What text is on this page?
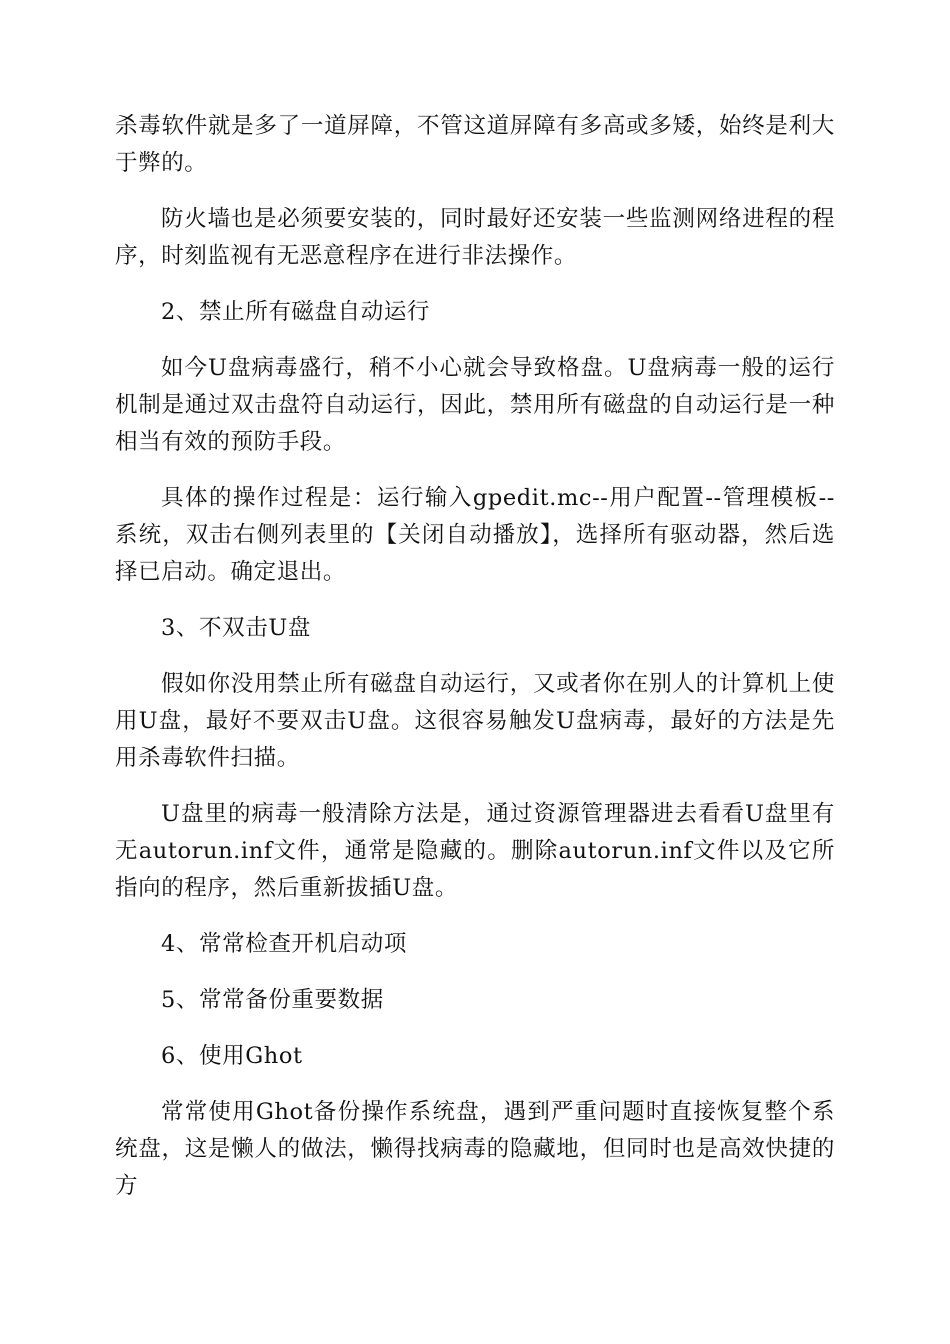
杀毒软件就是多了一道屏障，不管这道屏障有多高或多矮，始终是利大于弊的。

防火墙也是必须要安装的，同时最好还安装一些监测网络进程的程序，时刻监视有无恶意程序在进行非法操作。

2、禁止所有磁盘自动运行

如今U盘病毒盛行，稍不小心就会导致格盘。U盘病毒一般的运行机制是通过双击盘符自动运行，因此，禁用所有磁盘的自动运行是一种相当有效的预防手段。

具体的操作过程是：运行输入gpedit.mc--用户配置--管理模板--系统，双击右侧列表里的【关闭自动播放】，选择所有驱动器，然后选择已启动。确定退出。

3、不双击U盘

假如你没用禁止所有磁盘自动运行，又或者你在别人的计算机上使用U盘，最好不要双击U盘。这很容易触发U盘病毒，最好的方法是先用杀毒软件扫描。

U盘里的病毒一般清除方法是，通过资源管理器进去看看U盘里有无autorun.inf文件，通常是隐藏的。删除autorun.inf文件以及它所指向的程序，然后重新拔插U盘。

4、常常检查开机启动项

5、常常备份重要数据

6、使用Ghot

常常使用Ghot备份操作系统盘，遇到严重问题时直接恢复整个系统盘，这是懒人的做法，懒得找病毒的隐藏地，但同时也是高效快捷的方
